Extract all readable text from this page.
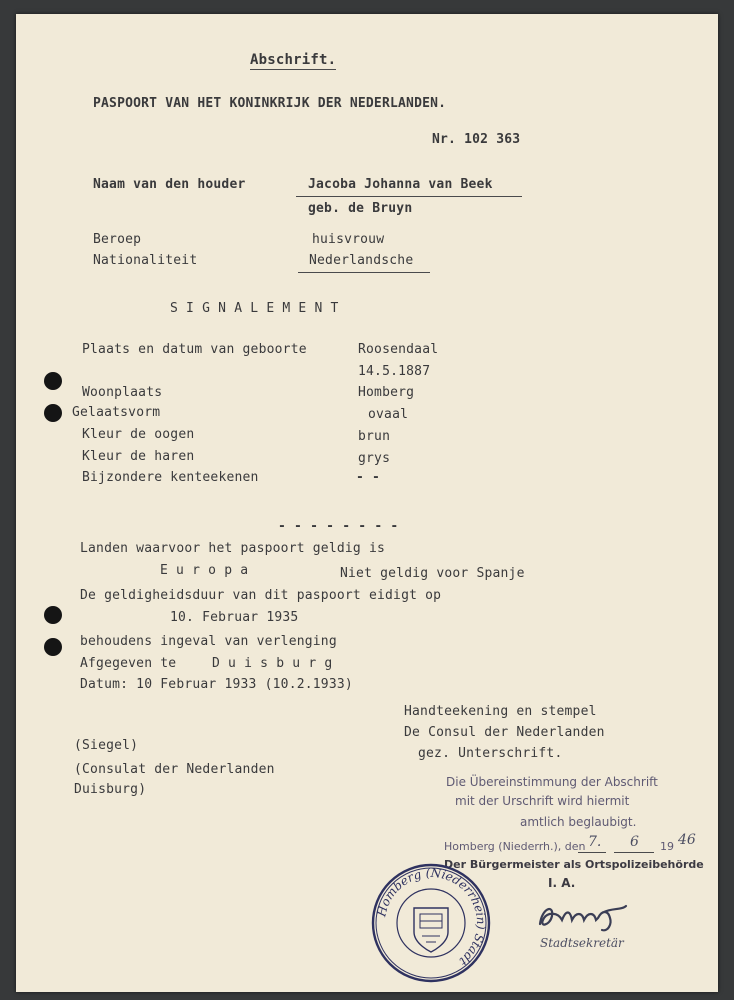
Abschrift.
PASPOORT VAN HET KONINKRIJK DER NEDERLANDEN.
Nr. 102 363
Naam van den houder	Jacoba Johanna van Beek
geb. de Bruyn
Beroep	huisvrouw
Nationaliteit	Nederlandsche
S I G N A L E M E N T
Plaats en datum van geboorte	Roosendaal
14.5.1887
Woonplaats	Homberg
Gelaatsvorm	ovaal
Kleur de oogen	brun
Kleur de haren	grys
Bijzondere kenteekenen	- -
- - - - - - - -
Landen waarvoor het paspoort geldig is
E u r o p a	Niet geldig voor Spanje
De geldigheidsduur van dit paspoort eidigt op
10. Februar 1935
behoudens ingeval van verlenging
Afgegeven te	D u i s b u r g
Datum: 10 Februar 1933 (10.2.1933)
Handteekening en stempel
De Consul der Nederlanden
gez. Unterschrift.
(Siegel)
(Consulat der Nederlanden
Duisburg)	Die Übereinstimmung der Abschrift
mit der Urschrift wird hiermit
amtlich beglaubigt.
Homberg (Niederrh.), den 7. 6 19 46
Der Bürgermeister als Ortspolizeibehörde
I. A.
Stadtsekretär
Homberg (Niederrhein) Stadt
